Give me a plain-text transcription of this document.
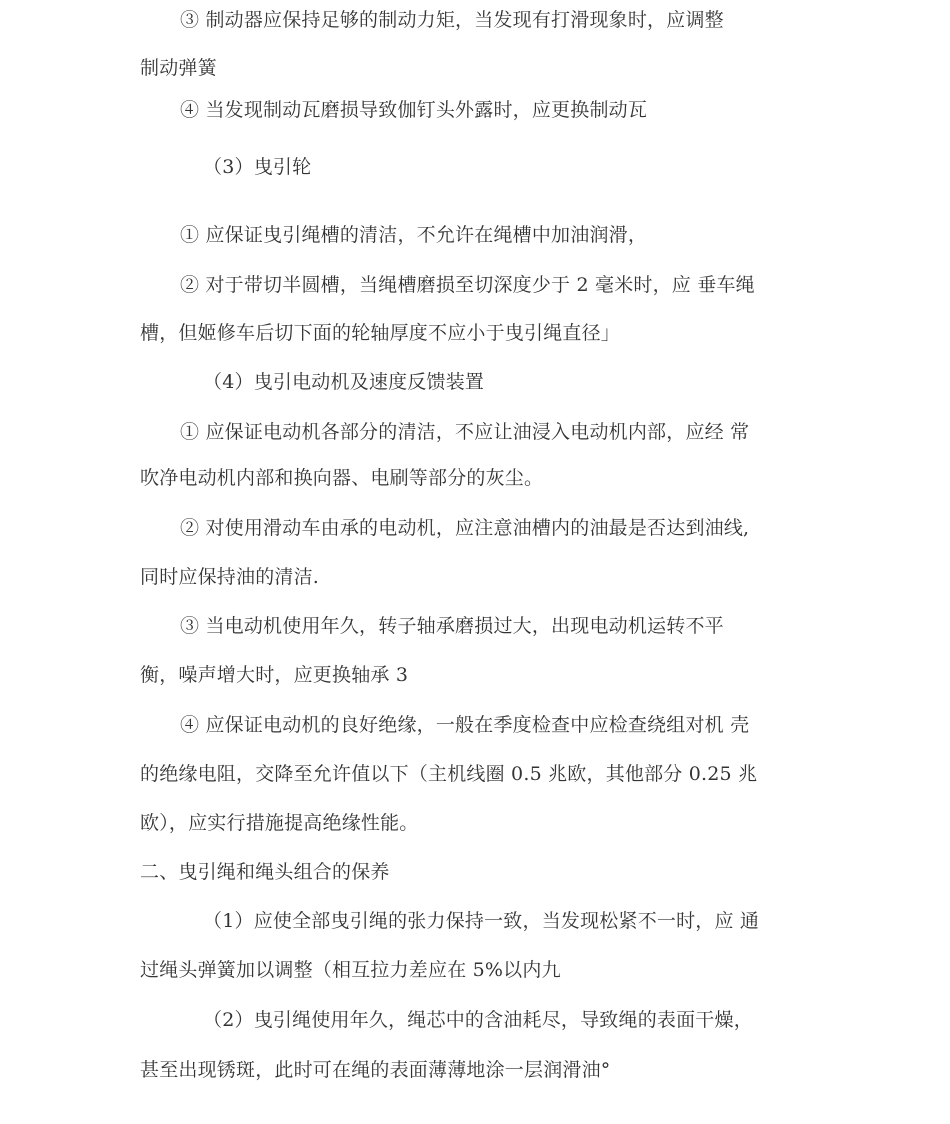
③ 制动器应保持足够的制动力矩，当发现有打滑现象时，应调整
制动弹簧
④ 当发现制动瓦磨损导致伽钉头外露时，应更换制动瓦
（3）曳引轮
① 应保证曳引绳槽的清洁，不允许在绳槽中加油润滑，
② 对于带切半圆槽，当绳槽磨损至切深度少于 2 毫米时，应 垂车绳
槽，但姬修车后切下面的轮轴厚度不应小于曳引绳直径」
（4）曳引电动机及速度反馈装置
① 应保证电动机各部分的清洁，不应让油浸入电动机内部，应经 常
吹净电动机内部和换向器、电刷等部分的灰尘。
② 对使用滑动车由承的电动机，应注意油槽内的油最是否达到油线,
同时应保持油的清洁.
③ 当电动机使用年久，转子轴承磨损过大，出现电动机运转不平
衡，噪声增大时，应更换轴承 3
④ 应保证电动机的良好绝缘，一般在季度检查中应检查绕组对机 壳
的绝缘电阻，交降至允许值以下（主机线圈 0.5 兆欧，其他部分 0.25 兆
欧），应实行措施提高绝缘性能。
二、曳引绳和绳头组合的保养
（1）应使全部曳引绳的张力保持一致，当发现松紧不一时，应 通
过绳头弹簧加以调整（相互拉力差应在 5%以内九
（2）曳引绳使用年久，绳芯中的含油耗尽，导致绳的表面干燥，
甚至出现锈斑，此时可在绳的表面薄薄地涂一层润滑油°
